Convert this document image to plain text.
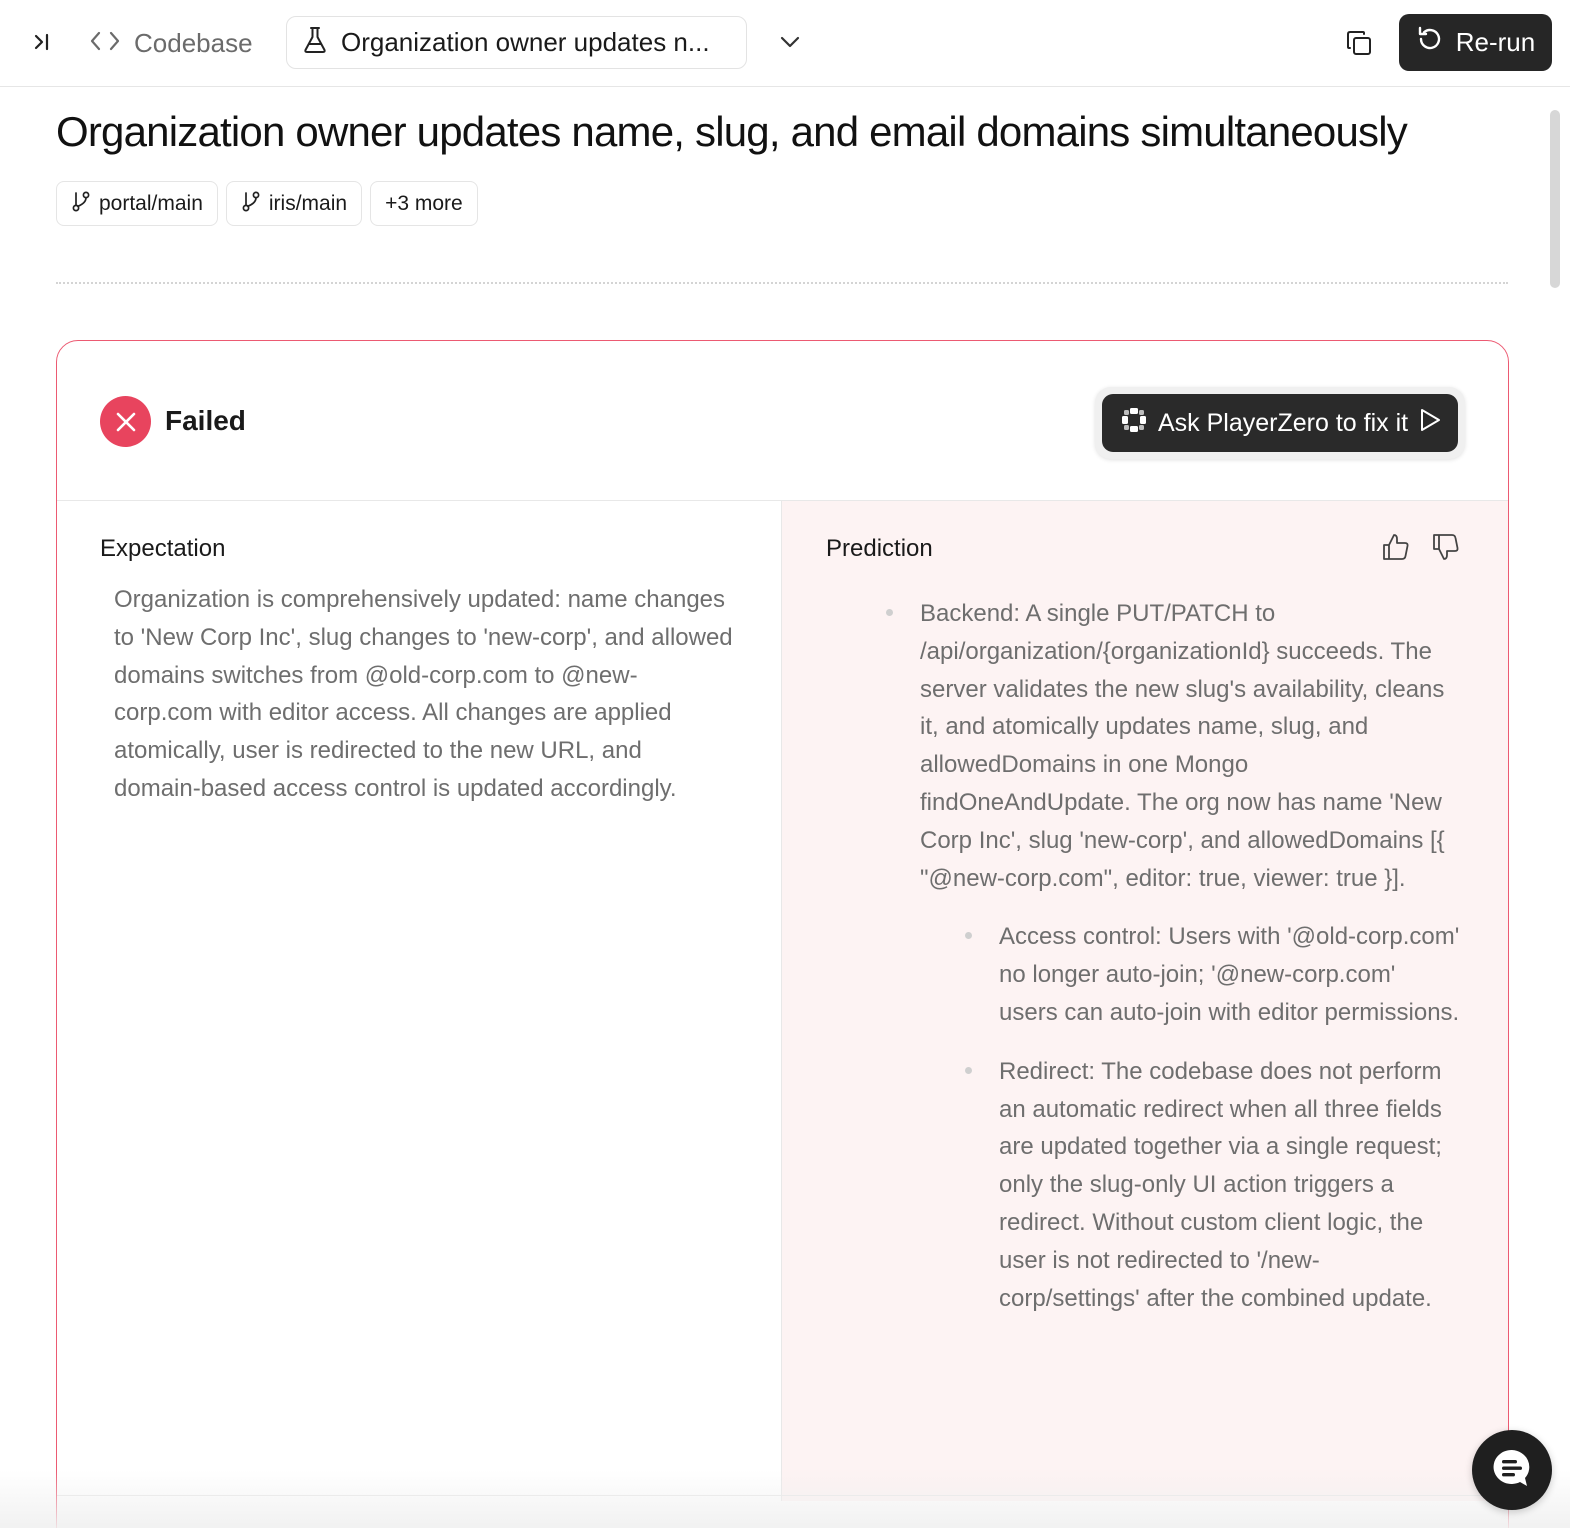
Codebase	Organization owner updates n...	Re-run
Organization owner updates name, slug, and email domains simultaneously
portal/main	iris/main +3 more
Failed	Ask PlayerZero to fix it
Expectation

Organization is comprehensively updated: name changes to 'New Corp Inc', slug changes to 'new-corp', and allowed domains switches from @old-corp.com to @new-corp.com with editor access. All changes are applied atomically, user is redirected to the new URL, and domain-based access control is updated accordingly.

Prediction
Backend: A single PUT/PATCH to /api/organization/{organizationId} succeeds. The server validates the new slug's availability, cleans it, and atomically updates name, slug, and allowedDomains in one Mongo findOneAndUpdate. The org now has name 'New Corp Inc', slug 'new-corp', and allowedDomains [{ "@new-corp.com", editor: true, viewer: true }].
Access control: Users with '@old-corp.com' no longer auto-join; '@new-corp.com' users can auto-join with editor permissions.
Redirect: The codebase does not perform an automatic redirect when all three fields are updated together via a single request; only the slug-only UI action triggers a redirect. Without custom client logic, the user is not redirected to '/new-corp/settings' after the combined update.
